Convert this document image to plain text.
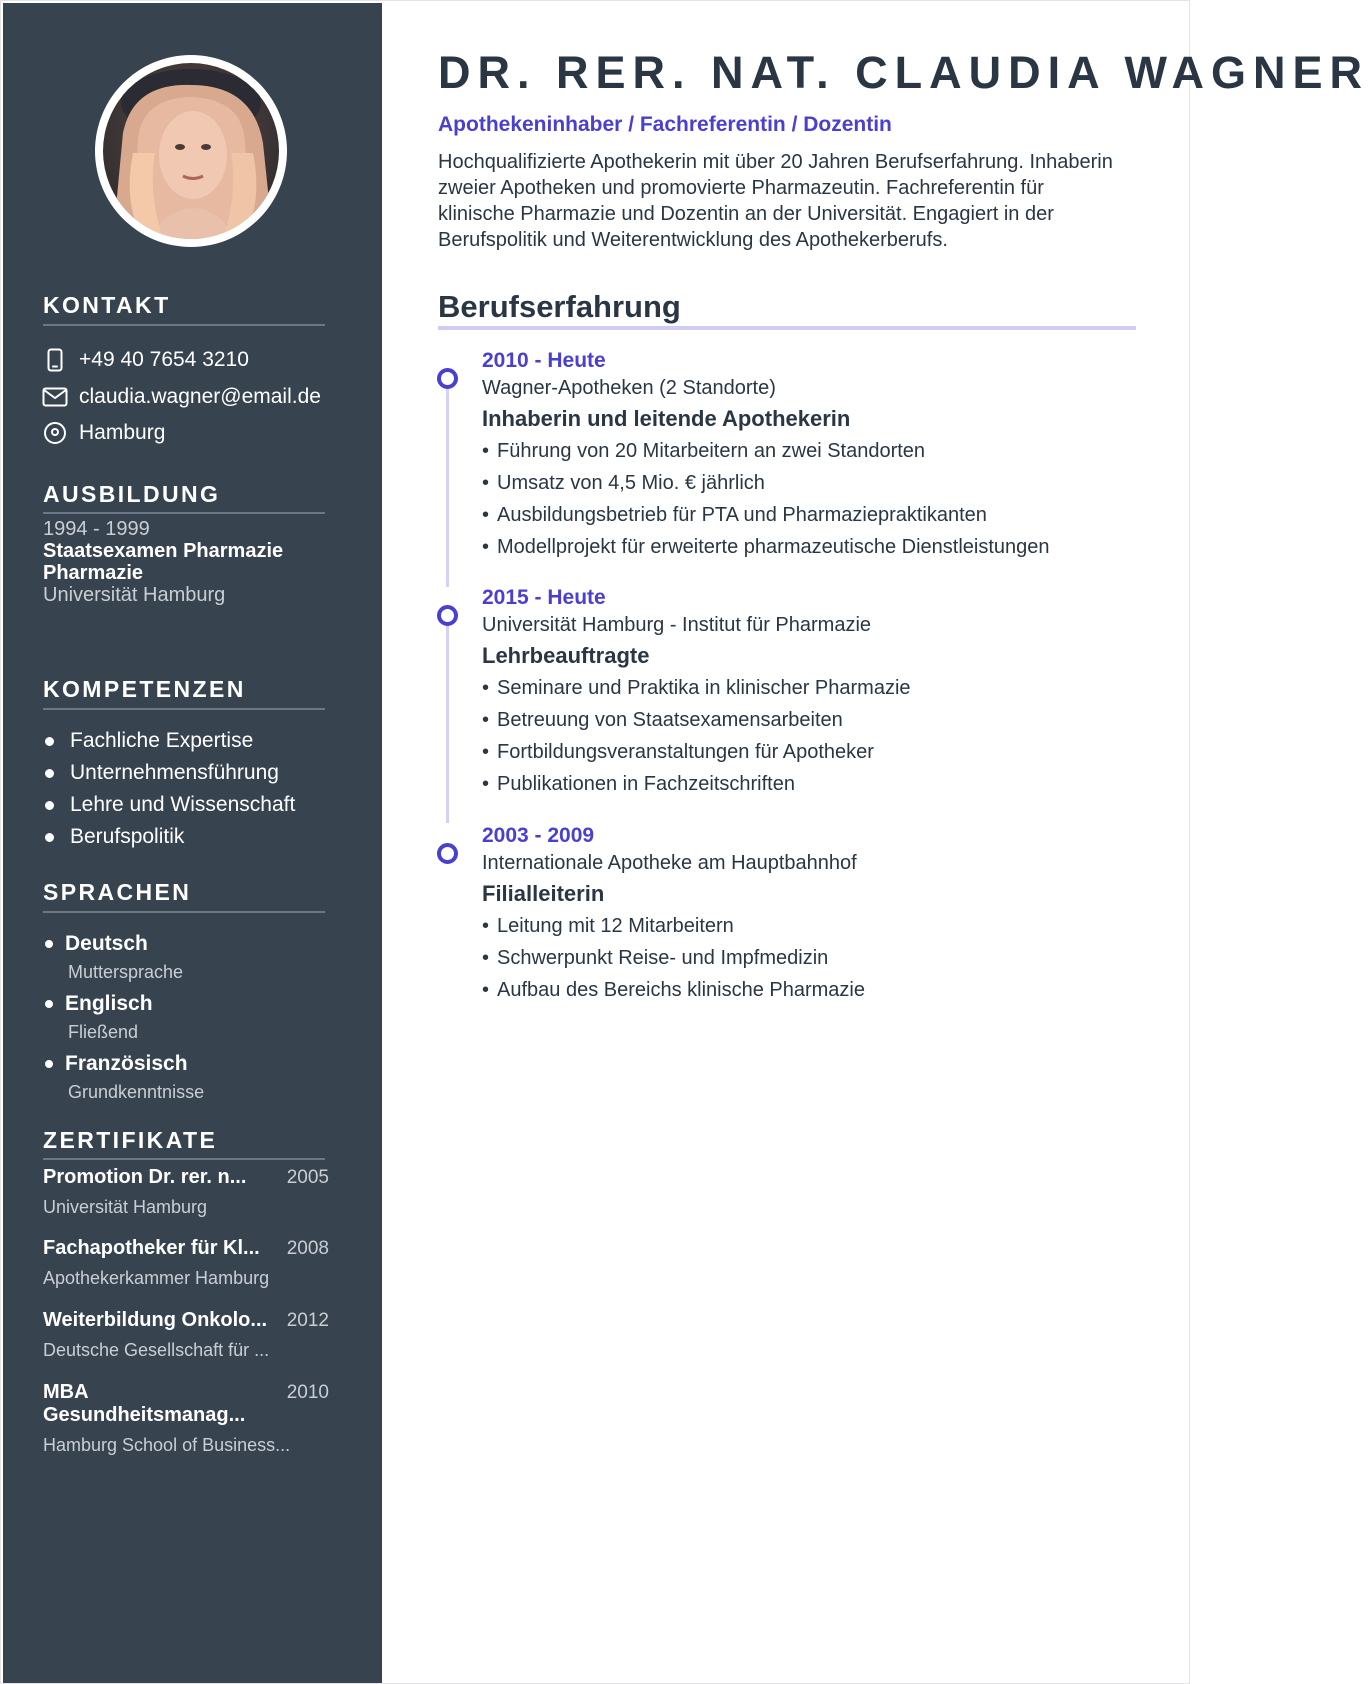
KONTAKT
+49 40 7654 3210
claudia.wagner@email.de
Hamburg
AUSBILDUNG
1994 - 1999
Staatsexamen Pharmazie Pharmazie
Universität Hamburg
KOMPETENZEN
Fachliche Expertise
Unternehmensführung
Lehre und Wissenschaft
Berufspolitik
SPRACHEN
Deutsch
Muttersprache
Englisch
Fließend
Französisch
Grundkenntnisse
ZERTIFIKATE
Promotion Dr. rer. n... 2005
Universität Hamburg
Fachapotheker für Kl... 2008
Apothekerkammer Hamburg
Weiterbildung Onkolo... 2012
Deutsche Gesellschaft für ...
MBA Gesundheitsmanag...
2010
Hamburg School of Business...
DR. RER. NAT. CLAUDIA WAGNER
Apothekeninhaber / Fachreferentin / Dozentin
Hochqualifizierte Apothekerin mit über 20 Jahren Berufserfahrung. Inhaberin zweier Apotheken und promovierte Pharmazeutin. Fachreferentin für klinische Pharmazie und Dozentin an der Universität. Engagiert in der Berufspolitik und Weiterentwicklung des Apothekerberufs.
Berufserfahrung
2010 - Heute
Wagner-Apotheken (2 Standorte)
Inhaberin und leitende Apothekerin
• Führung von 20 Mitarbeitern an zwei Standorten
• Umsatz von 4,5 Mio. € jährlich
• Ausbildungsbetrieb für PTA und Pharmaziepraktikanten
• Modellprojekt für erweiterte pharmazeutische Dienstleistungen
2015 - Heute
Universität Hamburg - Institut für Pharmazie
Lehrbeauftragte
• Seminare und Praktika in klinischer Pharmazie
• Betreuung von Staatsexamensarbeiten
• Fortbildungsveranstaltungen für Apotheker
• Publikationen in Fachzeitschriften
2003 - 2009
Internationale Apotheke am Hauptbahnhof
Filialleiterin
• Leitung mit 12 Mitarbeitern
• Schwerpunkt Reise- und Impfmedizin
• Aufbau des Bereichs klinische Pharmazie
